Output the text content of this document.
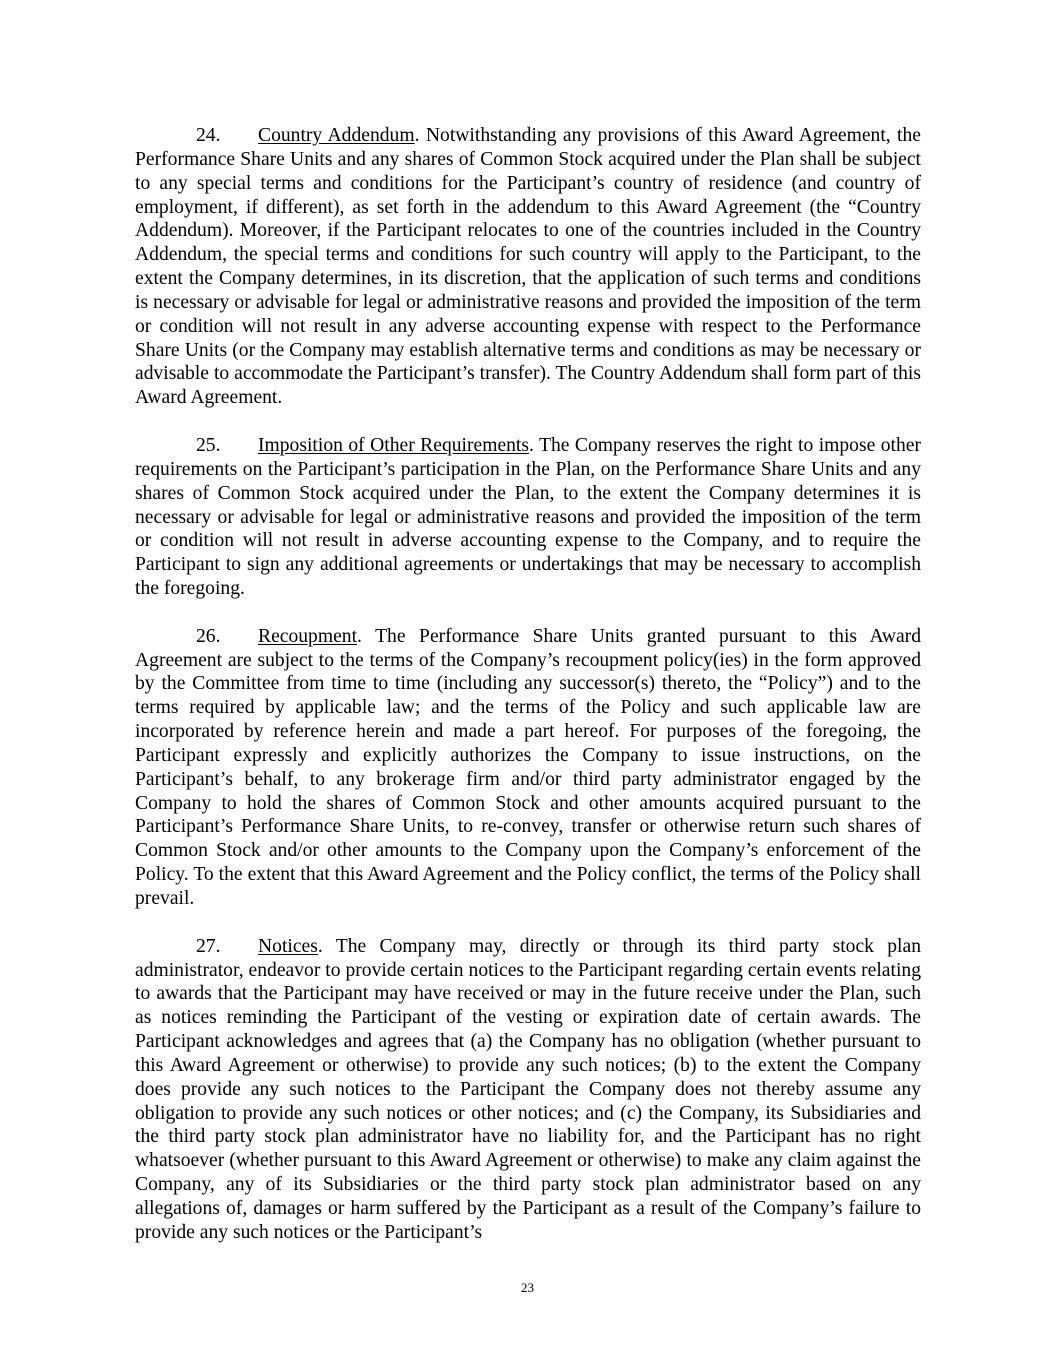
24. Country Addendum. Notwithstanding any provisions of this Award Agreement, the Performance Share Units and any shares of Common Stock acquired under the Plan shall be subject to any special terms and conditions for the Participant’s country of residence (and country of employment, if different), as set forth in the addendum to this Award Agreement (the “Country Addendum). Moreover, if the Participant relocates to one of the countries included in the Country Addendum, the special terms and conditions for such country will apply to the Participant, to the extent the Company determines, in its discretion, that the application of such terms and conditions is necessary or advisable for legal or administrative reasons and provided the imposition of the term or condition will not result in any adverse accounting expense with respect to the Performance Share Units (or the Company may establish alternative terms and conditions as may be necessary or advisable to accommodate the Participant’s transfer). The Country Addendum shall form part of this Award Agreement.

25. Imposition of Other Requirements. The Company reserves the right to impose other requirements on the Participant’s participation in the Plan, on the Performance Share Units and any shares of Common Stock acquired under the Plan, to the extent the Company determines it is necessary or advisable for legal or administrative reasons and provided the imposition of the term or condition will not result in adverse accounting expense to the Company, and to require the Participant to sign any additional agreements or undertakings that may be necessary to accomplish the foregoing.

26. Recoupment. The Performance Share Units granted pursuant to this Award Agreement are subject to the terms of the Company’s recoupment policy(ies) in the form approved by the Committee from time to time (including any successor(s) thereto, the “Policy”) and to the terms required by applicable law; and the terms of the Policy and such applicable law are incorporated by reference herein and made a part hereof. For purposes of the foregoing, the Participant expressly and explicitly authorizes the Company to issue instructions, on the Participant’s behalf, to any brokerage firm and/or third party administrator engaged by the Company to hold the shares of Common Stock and other amounts acquired pursuant to the Participant’s Performance Share Units, to re-convey, transfer or otherwise return such shares of Common Stock and/or other amounts to the Company upon the Company’s enforcement of the Policy. To the extent that this Award Agreement and the Policy conflict, the terms of the Policy shall prevail.

27. Notices. The Company may, directly or through its third party stock plan administrator, endeavor to provide certain notices to the Participant regarding certain events relating to awards that the Participant may have received or may in the future receive under the Plan, such as notices reminding the Participant of the vesting or expiration date of certain awards. The Participant acknowledges and agrees that (a) the Company has no obligation (whether pursuant to this Award Agreement or otherwise) to provide any such notices; (b) to the extent the Company does provide any such notices to the Participant the Company does not thereby assume any obligation to provide any such notices or other notices; and (c) the Company, its Subsidiaries and the third party stock plan administrator have no liability for, and the Participant has no right whatsoever (whether pursuant to this Award Agreement or otherwise) to make any claim against the Company, any of its Subsidiaries or the third party stock plan administrator based on any allegations of, damages or harm suffered by the Participant as a result of the Company’s failure to provide any such notices or the Participant’s

23
